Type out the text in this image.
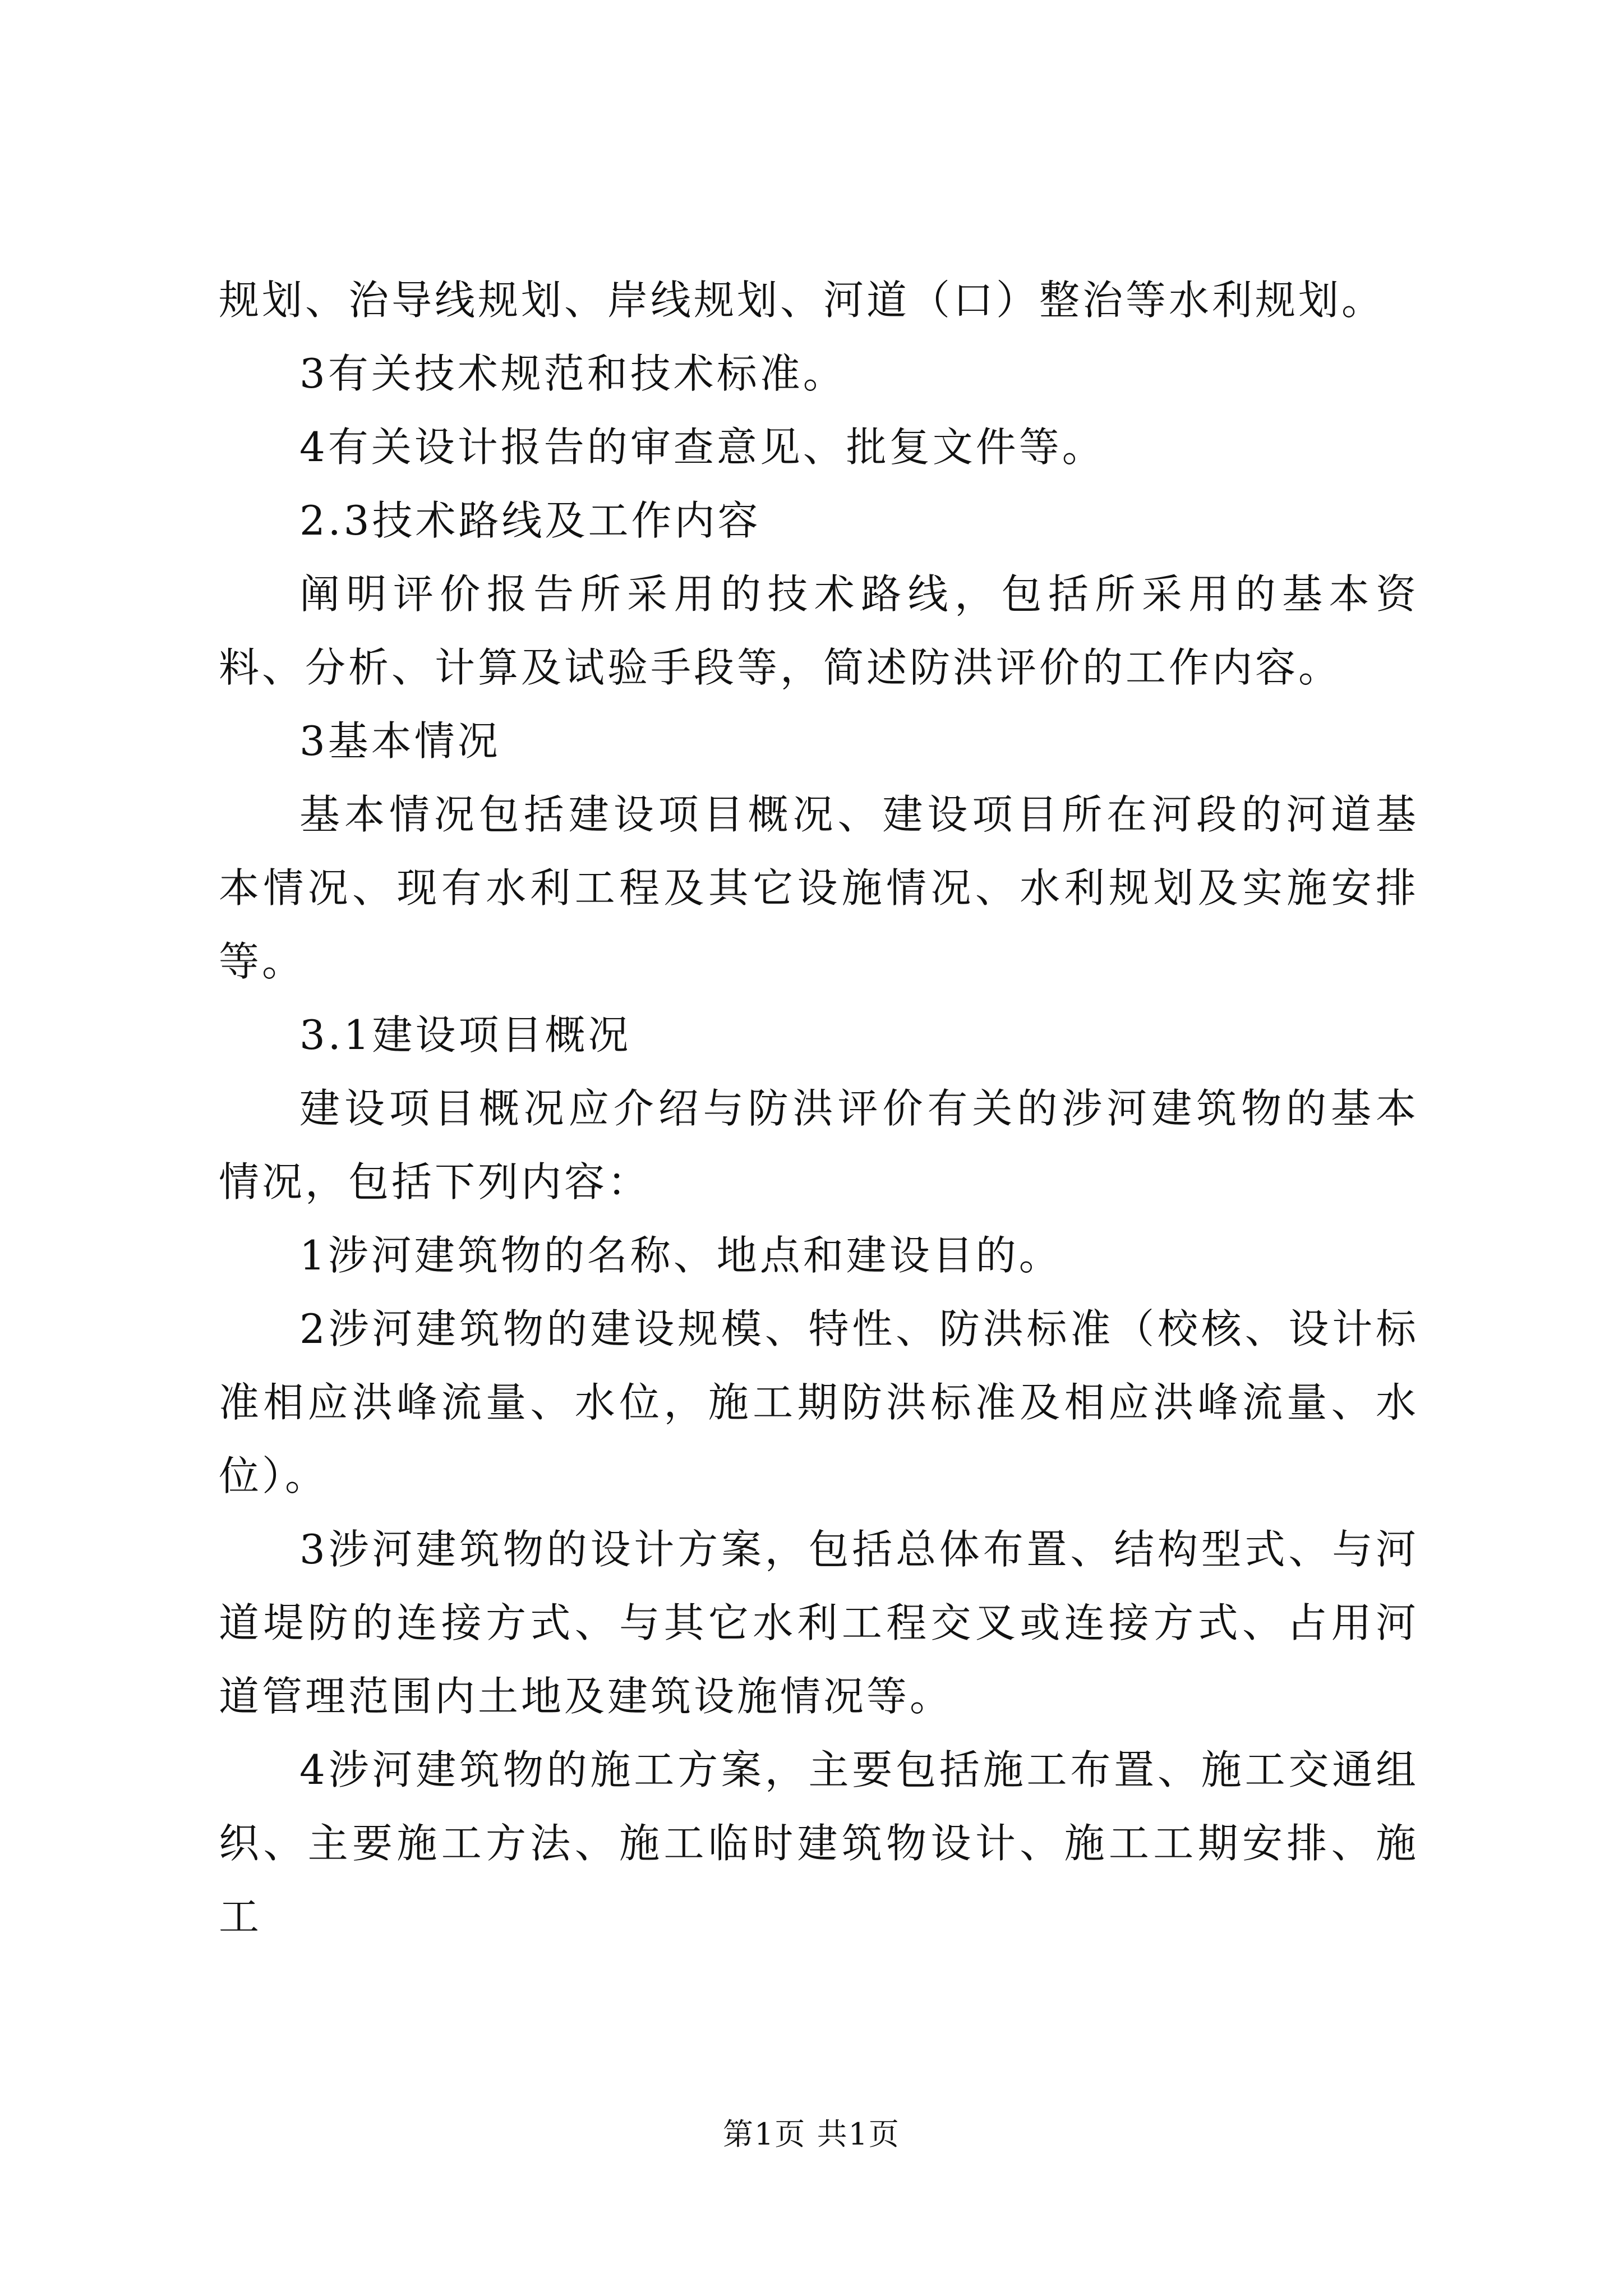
规划、治导线规划、岸线规划、河道（口）整治等水利规划。

3有关技术规范和技术标准。

4有关设计报告的审查意见、批复文件等。

2.3技术路线及工作内容

阐明评价报告所采用的技术路线，包括所采用的基本资料、分析、计算及试验手段等，简述防洪评价的工作内容。

3基本情况

基本情况包括建设项目概况、建设项目所在河段的河道基本情况、现有水利工程及其它设施情况、水利规划及实施安排等。

3.1建设项目概况

建设项目概况应介绍与防洪评价有关的涉河建筑物的基本情况，包括下列内容：

1涉河建筑物的名称、地点和建设目的。

2涉河建筑物的建设规模、特性、防洪标准（校核、设计标准相应洪峰流量、水位，施工期防洪标准及相应洪峰流量、水位）。

3涉河建筑物的设计方案，包括总体布置、结构型式、与河道堤防的连接方式、与其它水利工程交叉或连接方式、占用河道管理范围内土地及建筑设施情况等。

4涉河建筑物的施工方案，主要包括施工布置、施工交通组织、主要施工方法、施工临时建筑物设计、施工工期安排、施工

第1页 共1页
